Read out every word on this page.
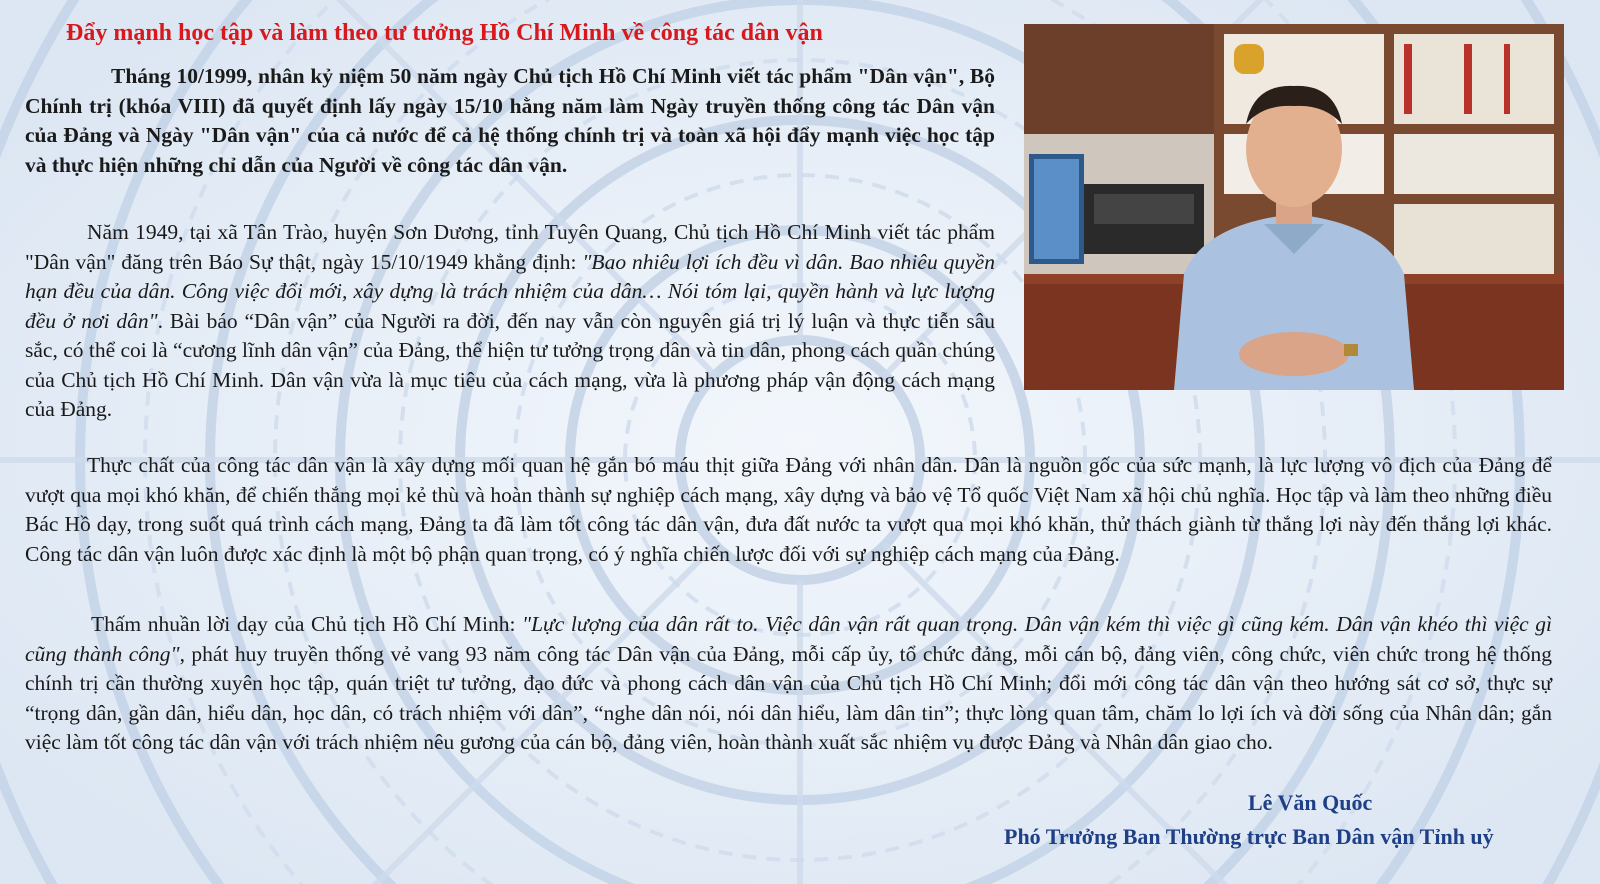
Đẩy mạnh học tập và làm theo tư tưởng Hồ Chí Minh về công tác dân vận

Tháng 10/1999, nhân kỷ niệm 50 năm ngày Chủ tịch Hồ Chí Minh viết tác phẩm "Dân vận", Bộ Chính trị (khóa VIII) đã quyết định lấy ngày 15/10 hằng năm làm Ngày truyền thống công tác Dân vận của Đảng và Ngày "Dân vận" của cả nước để cả hệ thống chính trị và toàn xã hội đẩy mạnh việc học tập và thực hiện những chỉ dẫn của Người về công tác dân vận.

Năm 1949, tại xã Tân Trào, huyện Sơn Dương, tỉnh Tuyên Quang, Chủ tịch Hồ Chí Minh viết tác phẩm "Dân vận" đăng trên Báo Sự thật, ngày 15/10/1949 khẳng định: "Bao nhiêu lợi ích đều vì dân. Bao nhiêu quyền hạn đều của dân. Công việc đổi mới, xây dựng là trách nhiệm của dân… Nói tóm lại, quyền hành và lực lượng đều ở nơi dân". Bài báo “Dân vận” của Người ra đời, đến nay vẫn còn nguyên giá trị lý luận và thực tiễn sâu sắc, có thể coi là “cương lĩnh dân vận” của Đảng, thể hiện tư tưởng trọng dân và tin dân, phong cách quần chúng của Chủ tịch Hồ Chí Minh. Dân vận vừa là mục tiêu của cách mạng, vừa là phương pháp vận động cách mạng của Đảng.

Thực chất của công tác dân vận là xây dựng mối quan hệ gắn bó máu thịt giữa Đảng với nhân dân. Dân là nguồn gốc của sức mạnh, là lực lượng vô địch của Đảng để vượt qua mọi khó khăn, để chiến thắng mọi kẻ thù và hoàn thành sự nghiệp cách mạng, xây dựng và bảo vệ Tổ quốc Việt Nam xã hội chủ nghĩa. Học tập và làm theo những điều Bác Hồ dạy, trong suốt quá trình cách mạng, Đảng ta đã làm tốt công tác dân vận, đưa đất nước ta vượt qua mọi khó khăn, thử thách giành từ thắng lợi này đến thắng lợi khác. Công tác dân vận luôn được xác định là một bộ phận quan trọng, có ý nghĩa chiến lược đối với sự nghiệp cách mạng của Đảng.

Thấm nhuần lời dạy của Chủ tịch Hồ Chí Minh: "Lực lượng của dân rất to. Việc dân vận rất quan trọng. Dân vận kém thì việc gì cũng kém. Dân vận khéo thì việc gì cũng thành công", phát huy truyền thống vẻ vang 93 năm công tác Dân vận của Đảng, mỗi cấp ủy, tổ chức đảng, mỗi cán bộ, đảng viên, công chức, viên chức trong hệ thống chính trị cần thường xuyên học tập, quán triệt tư tưởng, đạo đức và phong cách dân vận của Chủ tịch Hồ Chí Minh; đổi mới công tác dân vận theo hướng sát cơ sở, thực sự “trọng dân, gần dân, hiểu dân, học dân, có trách nhiệm với dân”, “nghe dân nói, nói dân hiểu, làm dân tin”; thực lòng quan tâm, chăm lo lợi ích và đời sống của Nhân dân; gắn việc làm tốt công tác dân vận với trách nhiệm nêu gương của cán bộ, đảng viên, hoàn thành xuất sắc nhiệm vụ được Đảng và Nhân dân giao cho.

Lê Văn Quốc
Phó Trưởng Ban Thường trực Ban Dân vận Tỉnh uỷ
